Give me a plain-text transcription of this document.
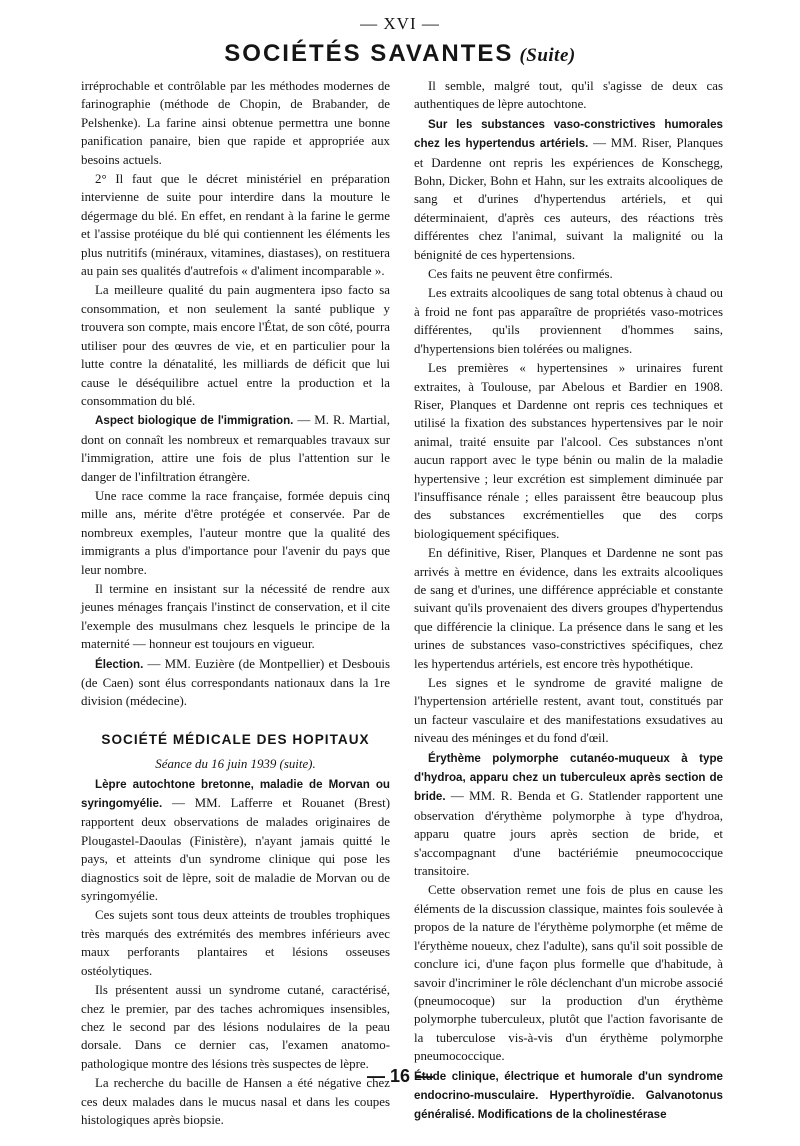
— XVI —
SOCIÉTÉS SAVANTES (Suite)

irréprochable et contrôlable par les méthodes modernes de farinographie (méthode de Chopin, de Brabander, de Pelshenke). La farine ainsi obtenue permettra une bonne panification panaire, bien que rapide et appropriée aux besoins actuels.

2° Il faut que le décret ministériel en préparation intervienne de suite pour interdire dans la mouture le dégermage du blé. En effet, en rendant à la farine le germe et l'assise protéique du blé qui contiennent les éléments les plus nutritifs (minéraux, vitamines, diastases), on restituera au pain ses qualités d'autrefois « d'aliment incomparable ».

La meilleure qualité du pain augmentera ipso facto sa consommation, et non seulement la santé publique y trouvera son compte, mais encore l'État, de son côté, pourra utiliser pour des œuvres de vie, et en particulier pour la lutte contre la dénatalité, les milliards de déficit que lui cause le déséquilibre actuel entre la production et la consommation du blé.

Aspect biologique de l'immigration. — M. R. Martial, dont on connaît les nombreux et remarquables travaux sur l'immigration, attire une fois de plus l'attention sur le danger de l'infiltration étrangère.

Une race comme la race française, formée depuis cinq mille ans, mérite d'être protégée et conservée. Par de nombreux exemples, l'auteur montre que la qualité des immigrants a plus d'importance pour l'avenir du pays que leur nombre.

Il termine en insistant sur la nécessité de rendre aux jeunes ménages français l'instinct de conservation, et il cite l'exemple des musulmans chez lesquels le principe de la maternité — honneur est toujours en vigueur.

Élection. — MM. Euzière (de Montpellier) et Desbouis (de Caen) sont élus correspondants nationaux dans la 1re division (médecine).

SOCIÉTÉ MÉDICALE DES HOPITAUX

Séance du 16 juin 1939 (suite).

Lèpre autochtone bretonne, maladie de Morvan ou syringomyélie. — MM. Lafferre et Rouanet (Brest) rapportent deux observations de malades originaires de Plougastel-Daoulas (Finistère), n'ayant jamais quitté le pays, et atteints d'un syndrome clinique qui pose les diagnostics soit de lèpre, soit de maladie de Morvan ou de syringomyélie.

Ces sujets sont tous deux atteints de troubles trophiques très marqués des extrémités des membres inférieurs avec maux perforants plantaires et lésions osseuses ostéolytiques.

Ils présentent aussi un syndrome cutané, caractérisé, chez le premier, par des taches achromiques insensibles, chez le second par des lésions nodulaires de la peau dorsale. Dans ce dernier cas, l'examen anatomo-pathologique montre des lésions très suspectes de lèpre.

La recherche du bacille de Hansen a été négative chez ces deux malades dans le mucus nasal et dans les coupes histologiques après biopsie.

Il semble, malgré tout, qu'il s'agisse de deux cas authentiques de lèpre autochtone.

Sur les substances vaso-constrictives humorales chez les hypertendus artériels. — MM. Riser, Planques et Dardenne ont repris les expériences de Konschegg, Bohn, Dicker, Bohn et Hahn, sur les extraits alcooliques de sang et d'urines d'hypertendus artériels, et qui déterminaient, d'après ces auteurs, des réactions très différentes chez l'animal, suivant la malignité ou la bénignité de ces hypertensions.

Ces faits ne peuvent être confirmés.

Les extraits alcooliques de sang total obtenus à chaud ou à froid ne font pas apparaître de propriétés vaso-motrices différentes, qu'ils proviennent d'hommes sains, d'hypertensions bien tolérées ou malignes.

Les premières « hypertensines » urinaires furent extraites, à Toulouse, par Abelous et Bardier en 1908. Riser, Planques et Dardenne ont repris ces techniques et utilisé la fixation des substances hypertensives par le noir animal, traité ensuite par l'alcool. Ces substances n'ont aucun rapport avec le type bénin ou malin de la maladie hypertensive ; leur excrétion est simplement diminuée par l'insuffisance rénale ; elles paraissent être beaucoup plus des substances excrémentielles que des corps biologiquement spécifiques.

En définitive, Riser, Planques et Dardenne ne sont pas arrivés à mettre en évidence, dans les extraits alcooliques de sang et d'urines, une différence appréciable et constante suivant qu'ils provenaient des divers groupes d'hypertendus que différencie la clinique. La présence dans le sang et les urines de substances vaso-constrictives spécifiques, chez les hypertendus artériels, est encore très hypothétique.

Les signes et le syndrome de gravité maligne de l'hypertension artérielle restent, avant tout, constitués par un facteur vasculaire et des manifestations exsudatives au niveau des méninges et du fond d'œil.

Érythème polymorphe cutanéo-muqueux à type d'hydroa, apparu chez un tuberculeux après section de bride. — MM. R. Benda et G. Statlender rapportent une observation d'érythème polymorphe à type d'hydroa, apparu quatre jours après section de bride, et s'accompagnant d'une bactériémie pneumococcique transitoire.

Cette observation remet une fois de plus en cause les éléments de la discussion classique, maintes fois soulevée à propos de la nature de l'érythème polymorphe (et même de l'érythème noueux, chez l'adulte), sans qu'il soit possible de conclure ici, d'une façon plus formelle que d'habitude, à savoir d'incriminer le rôle déclenchant d'un microbe associé (pneumocoque) sur la production d'un érythème polymorphe tuberculeux, plutôt que l'action favorisante de la tuberculose vis-à-vis d'un érythème polymorphe pneumococcique.

Étude clinique, électrique et humorale d'un syndrome endocrino-musculaire. Hyperthyroïdie. Galvanotonus généralisé. Modifications de la cholinestérase

— 16 —
